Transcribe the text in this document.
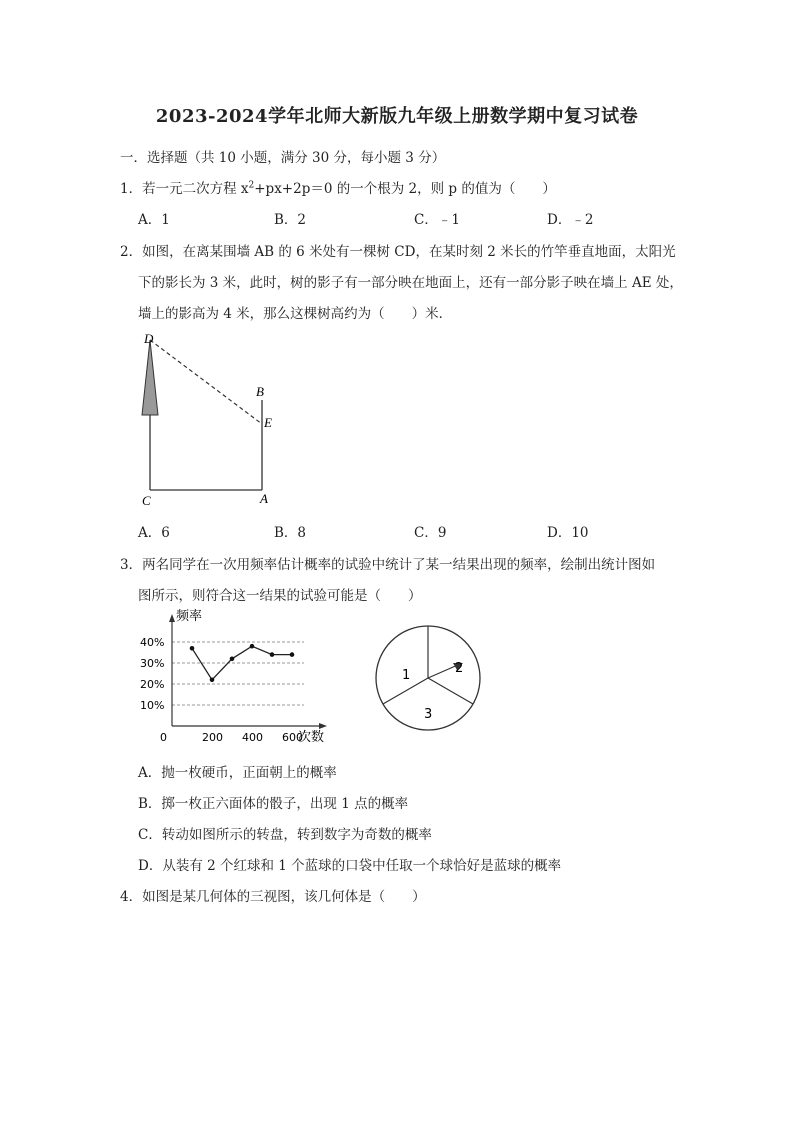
2023-2024学年北师大新版九年级上册数学期中复习试卷
一．选择题（共 10 小题，满分 30 分，每小题 3 分）
1．若一元二次方程 $x^2+px+2p=0$ 的一个根为 2，则 p 的值为（　　）
A．1	B．2	C．﹣1	D．﹣2
2．如图，在离某围墙 AB 的 6 米处有一棵树 CD，在某时刻 2 米长的竹竿垂直地面，太阳光
下的影长为 3 米，此时，树的影子有一部分映在地面上，还有一部分影子映在墙上 AE 处，
墙上的影高为 4 米，那么这棵树高约为（　　）米．
D
B
E
C	A
A．6	B．8	C．9	D．10
3．两名同学在一次用频率估计概率的试验中统计了某一结果出现的频率，绘制出统计图如
图所示，则符合这一结果的试验可能是（　　）
频率
次数
10%
20%
30%
40%
0	200 400 600
1	2
3
A．抛一枚硬币，正面朝上的概率
B．掷一枚正六面体的骰子，出现 1 点的概率
C．转动如图所示的转盘，转到数字为奇数的概率
D．从装有 2 个红球和 1 个蓝球的口袋中任取一个球恰好是蓝球的概率
4．如图是某几何体的三视图，该几何体是（　　）
